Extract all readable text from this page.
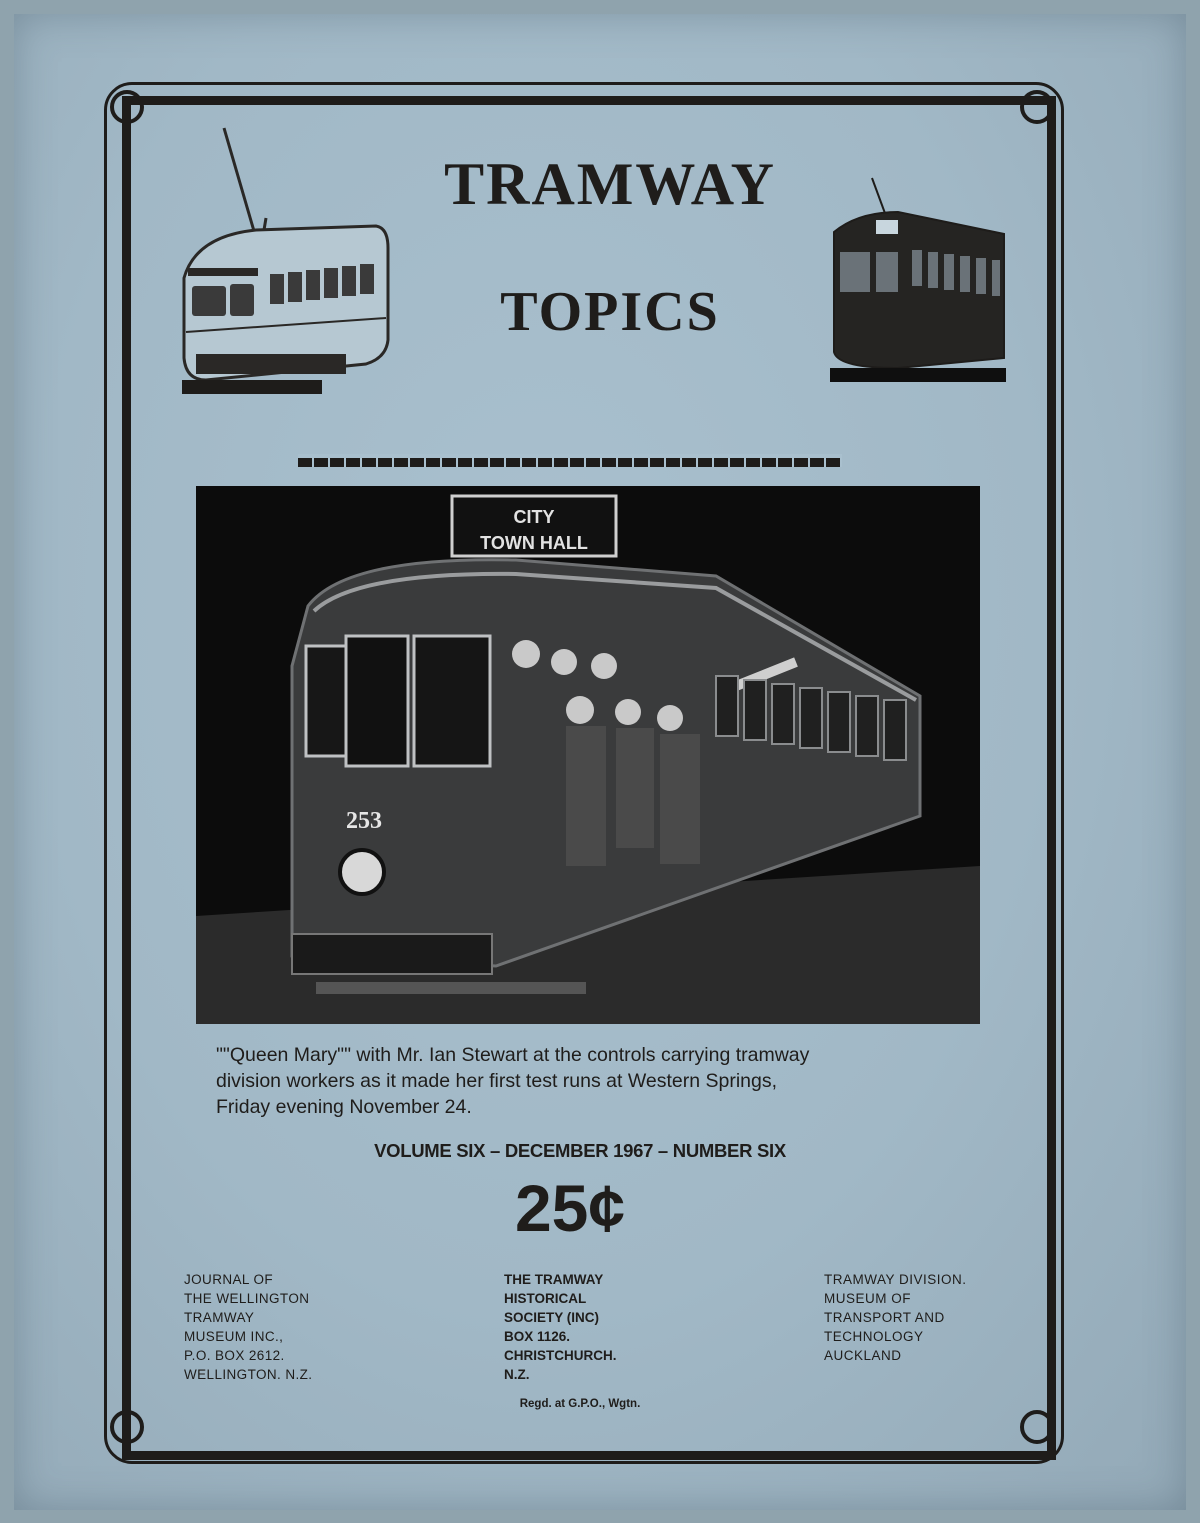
TRAMWAY
TOPICS
CITY
TOWN HALL
253
""Queen Mary"" with Mr. Ian Stewart at the controls carrying tramway
division workers as it made her first test runs at Western Springs,
Friday evening November 24.
VOLUME SIX – DECEMBER 1967 – NUMBER SIX
25¢
JOURNAL OF
THE WELLINGTON
TRAMWAY
MUSEUM INC.,
P.O. BOX 2612.
WELLINGTON. N.Z.
THE TRAMWAY
HISTORICAL
SOCIETY (INC)
BOX 1126.
CHRISTCHURCH.
N.Z.
TRAMWAY DIVISION.
MUSEUM OF
TRANSPORT AND
TECHNOLOGY
AUCKLAND
Regd. at G.P.O., Wgtn.
